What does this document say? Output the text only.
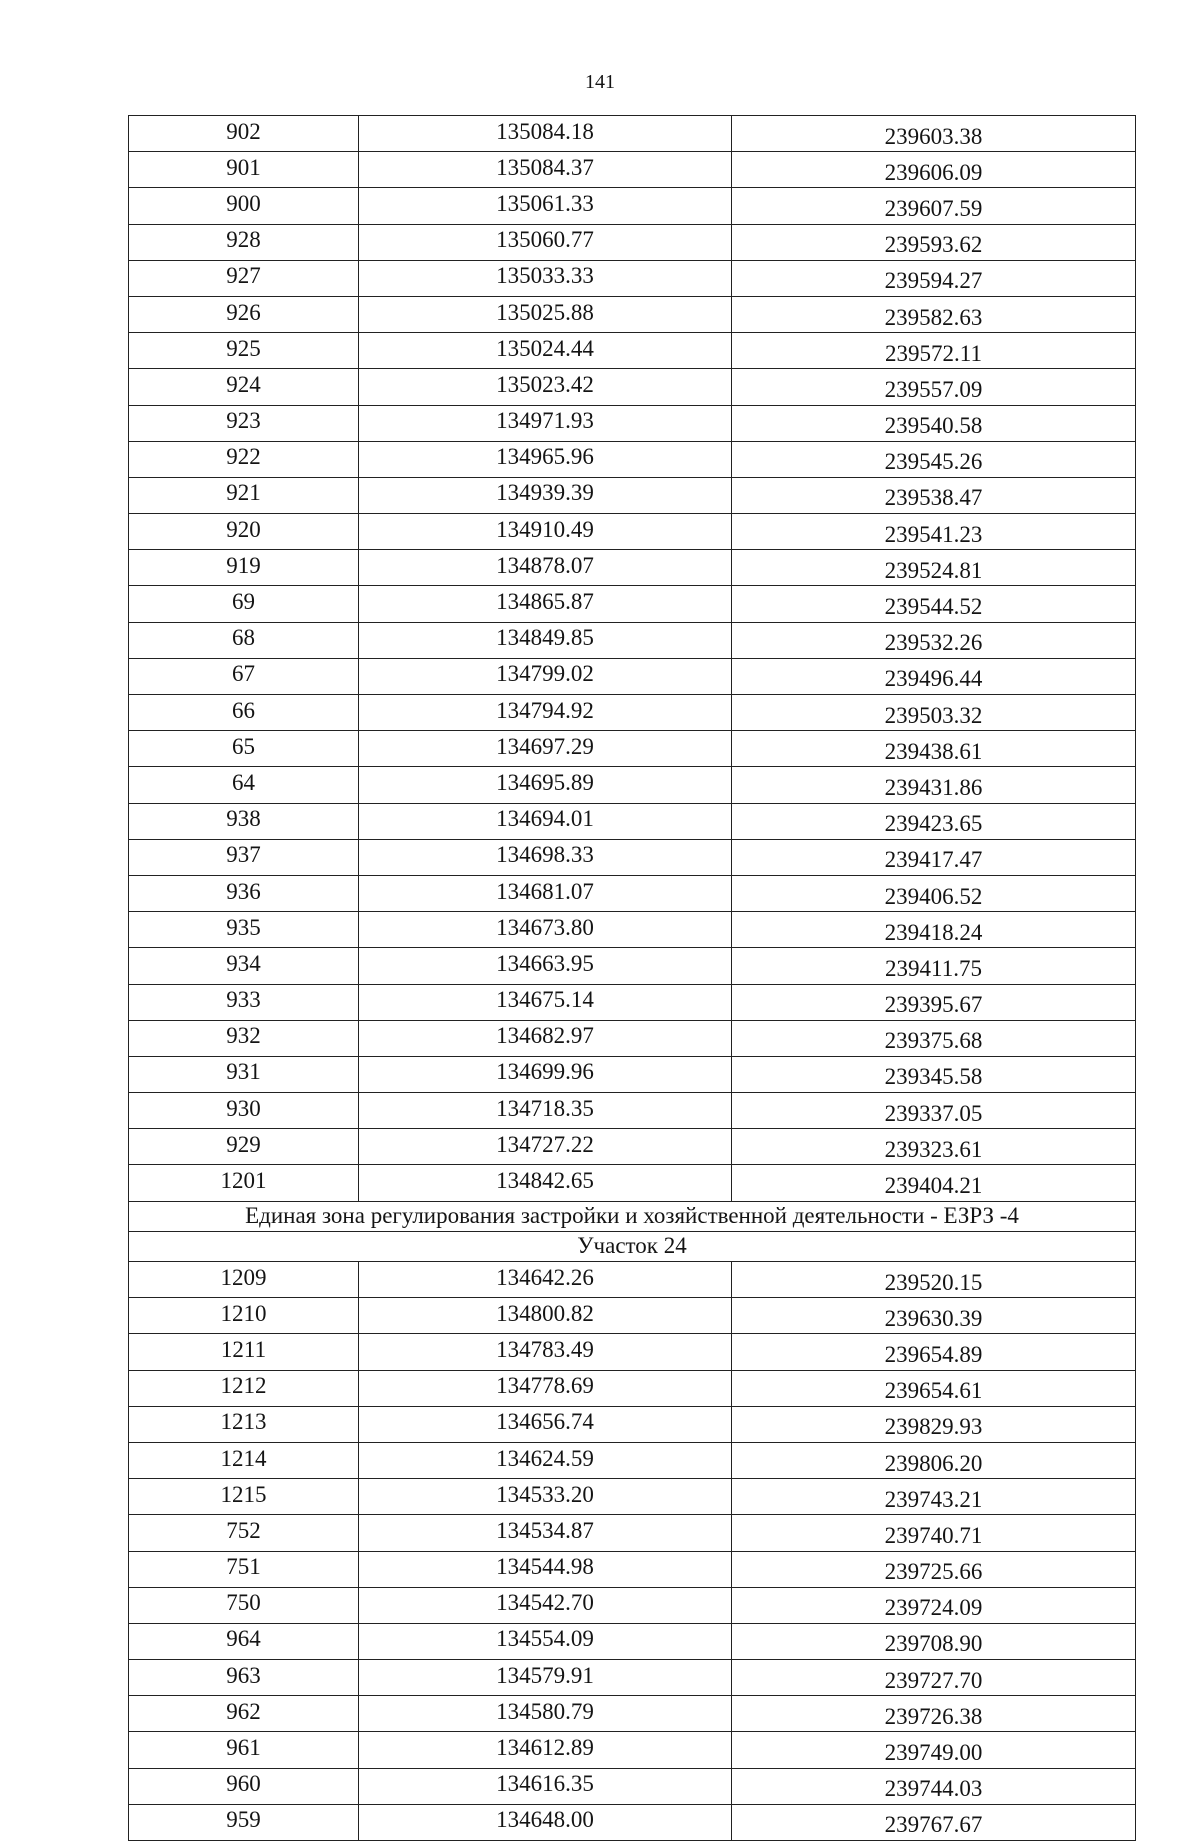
141
902	135084.18	239603.38
901	135084.37	239606.09
900	135061.33	239607.59
928	135060.77	239593.62
927	135033.33	239594.27
926	135025.88	239582.63
925	135024.44	239572.11
924	135023.42	239557.09
923	134971.93	239540.58
922	134965.96	239545.26
921	134939.39	239538.47
920	134910.49	239541.23
919	134878.07	239524.81
69	134865.87	239544.52
68	134849.85	239532.26
67	134799.02	239496.44
66	134794.92	239503.32
65	134697.29	239438.61
64	134695.89	239431.86
938	134694.01	239423.65
937	134698.33	239417.47
936	134681.07	239406.52
935	134673.80	239418.24
934	134663.95	239411.75
933	134675.14	239395.67
932	134682.97	239375.68
931	134699.96	239345.58
930	134718.35	239337.05
929	134727.22	239323.61
1201	134842.65	239404.21
Единая зона регулирования застройки и хозяйственной деятельности - ЕЗРЗ -4		
Участок 24		
1209	134642.26	239520.15
1210	134800.82	239630.39
1211	134783.49	239654.89
1212	134778.69	239654.61
1213	134656.74	239829.93
1214	134624.59	239806.20
1215	134533.20	239743.21
752	134534.87	239740.71
751	134544.98	239725.66
750	134542.70	239724.09
964	134554.09	239708.90
963	134579.91	239727.70
962	134580.79	239726.38
961	134612.89	239749.00
960	134616.35	239744.03
959	134648.00	239767.67
